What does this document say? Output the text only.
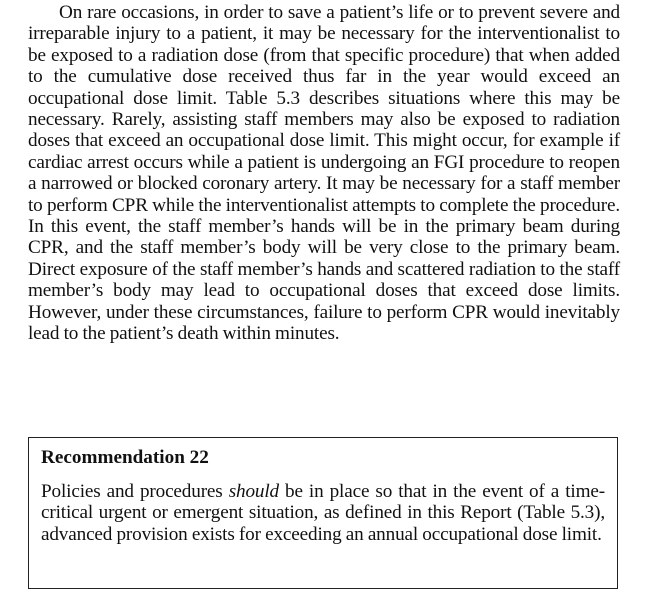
On rare occasions, in order to save a patient’s life or to prevent severe and irreparable injury to a patient, it may be necessary for the interventionalist to be exposed to a radiation dose (from that specific procedure) that when added to the cumulative dose received thus far in the year would exceed an occupational dose limit. Table 5.3 describes situations where this may be necessary. Rarely, assisting staff members may also be exposed to radiation doses that exceed an occupational dose limit. This might occur, for example if cardiac arrest occurs while a patient is undergoing an FGI procedure to reopen a narrowed or blocked coronary artery. It may be necessary for a staff member to perform CPR while the interventionalist attempts to complete the procedure. In this event, the staff member’s hands will be in the primary beam during CPR, and the staff member’s body will be very close to the primary beam. Direct exposure of the staff member’s hands and scattered radiation to the staff member’s body may lead to occupational doses that exceed dose limits. However, under these circumstances, failure to perform CPR would inevitably lead to the patient’s death within minutes.

Recommendation 22

Policies and procedures should be in place so that in the event of a time-critical urgent or emergent situation, as defined in this Report (Table 5.3), advanced provision exists for exceeding an annual occupational dose limit.
